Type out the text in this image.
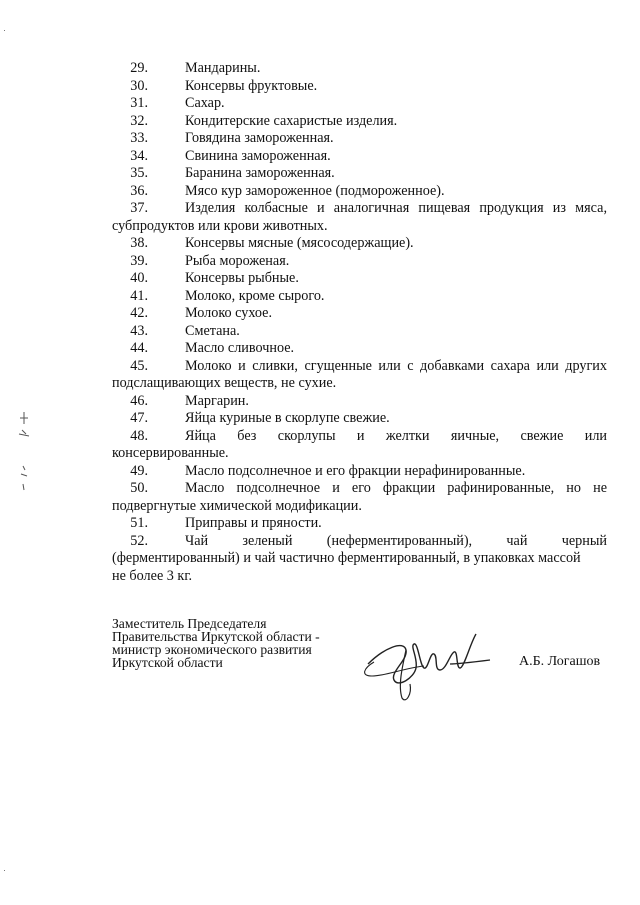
29.	Мандарины.
30.	Консервы фруктовые.
31.	Сахар.
32.	Кондитерские сахаристые изделия.
33.	Говядина замороженная.
34.	Свинина замороженная.
35.	Баранина замороженная.
36.	Мясо кур замороженное (подмороженное).
37.	Изделия колбасные и аналогичная пищевая продукция из мяса,
субпродуктов или крови животных.
38.	Консервы мясные (мясосодержащие).
39.	Рыба мороженая.
40.	Консервы рыбные.
41.	Молоко, кроме сырого.
42.	Молоко сухое.
43.	Сметана.
44.	Масло сливочное.
45.	Молоко и сливки, сгущенные или с добавками сахара или других
подслащивающих веществ, не сухие.
46.	Маргарин.
47.	Яйца куриные в скорлупе свежие.
48.	Яйца без скорлупы и желтки яичные, свежие или
консервированные.
49.	Масло подсолнечное и его фракции нерафинированные.
50.	Масло подсолнечное и его фракции рафинированные, но не
подвергнутые химической модификации.
51.	Приправы и пряности.
52.	Чай зеленый (неферментированный), чай черный
(ферментированный) и чай частично ферментированный, в упаковках массой
не более 3 кг.
Заместитель Председателя
Правительства Иркутской области -
министр экономического развития
Иркутской области	А.Б. Логашов
